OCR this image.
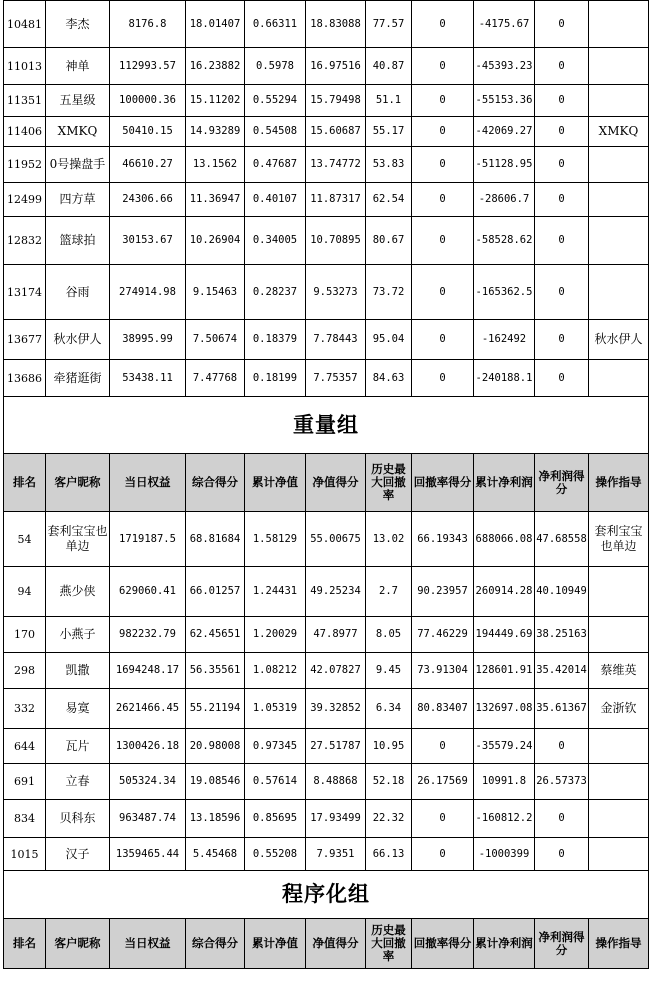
10481	李杰	8176.8	18.01407	0.66311	18.83088	77.57	0	-4175.67	0	
11013	神单	112993.57	16.23882	0.5978	16.97516	40.87	0	-45393.23	0	
11351	五星级	100000.36	15.11202	0.55294	15.79498	51.1	0	-55153.36	0	
11406	XMKQ	50410.15	14.93289	0.54508	15.60687	55.17	0	-42069.27	0	XMKQ
11952	0号操盘手	46610.27	13.1562	0.47687	13.74772	53.83	0	-51128.95	0	
12499	四方草	24306.66	11.36947	0.40107	11.87317	62.54	0	-28606.7	0	
12832	篮球拍	30153.67	10.26904	0.34005	10.70895	80.67	0	-58528.62	0	
13174	谷雨	274914.98	9.15463	0.28237	9.53273	73.72	0	-165362.5	0	
13677	秋水伊人	38995.99	7.50674	0.18379	7.78443	95.04	0	-162492	0	秋水伊人
13686	牵猪逛街	53438.11	7.47768	0.18199	7.75357	84.63	0	-240188.1	0	
重量组										
排名	客户昵称	当日权益	综合得分	累计净值	净值得分	历史最大回撤率	回撤率得分	累计净利润	净利润得分	操作指导
54	套利宝宝也单边	1719187.5	68.81684	1.58129	55.00675	13.02	66.19343	688066.08	47.68558	套利宝宝也单边
94	燕少侠	629060.41	66.01257	1.24431	49.25234	2.7	90.23957	260914.28	40.10949	
170	小燕子	982232.79	62.45651	1.20029	47.8977	8.05	77.46229	194449.69	38.25163	
298	凯撒	1694248.17	56.35561	1.08212	42.07827	9.45	73.91304	128601.91	35.42014	蔡维英
332	易寞	2621466.45	55.21194	1.05319	39.32852	6.34	80.83407	132697.08	35.61367	金浙钦
644	瓦片	1300426.18	20.98008	0.97345	27.51787	10.95	0	-35579.24	0	
691	立春	505324.34	19.08546	0.57614	8.48868	52.18	26.17569	10991.8	26.57373	
834	贝科东	963487.74	13.18596	0.85695	17.93499	22.32	0	-160812.2	0	
1015	汉子	1359465.44	5.45468	0.55208	7.9351	66.13	0	-1000399	0	
程序化组										
排名	客户昵称	当日权益	综合得分	累计净值	净值得分	历史最大回撤率	回撤率得分	累计净利润	净利润得分	操作指导
